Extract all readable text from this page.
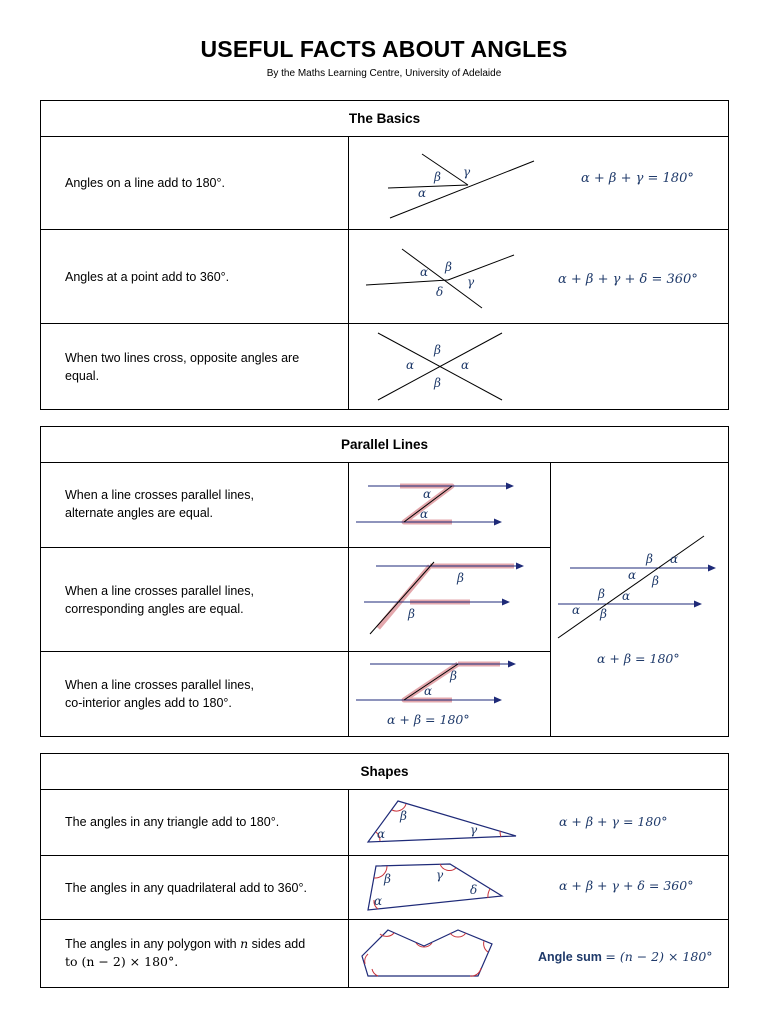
USEFUL FACTS ABOUT ANGLES
By the Maths Learning Centre, University of Adelaide
The Basics
Angles on a line add to 180°.
Angles at a point add to 360°.
When two lines cross, opposite angles are equal.
α + β + γ = 180°
α + β + γ + δ = 360°
α
β γ
α β
γ
δ
α	α
β
β
Parallel Lines
When a line crosses parallel lines,
alternate angles are equal.
When a line crosses parallel lines,
corresponding angles are equal.
When a line crosses parallel lines,
co-interior angles add to 180°.
α + β = 180°
α + β = 180°
α
α
β
β
β
α
β α
α β
β α
α β
Shapes
The angles in any triangle add to 180°.
The angles in any quadrilateral add to 360°.
The angles in any polygon with n sides add
to (n − 2) × 180°.
α + β + γ = 180°
α + β + γ + δ = 360°
Angle sum = (n − 2) × 180°
α
β
γ
α
β	γ
δ
